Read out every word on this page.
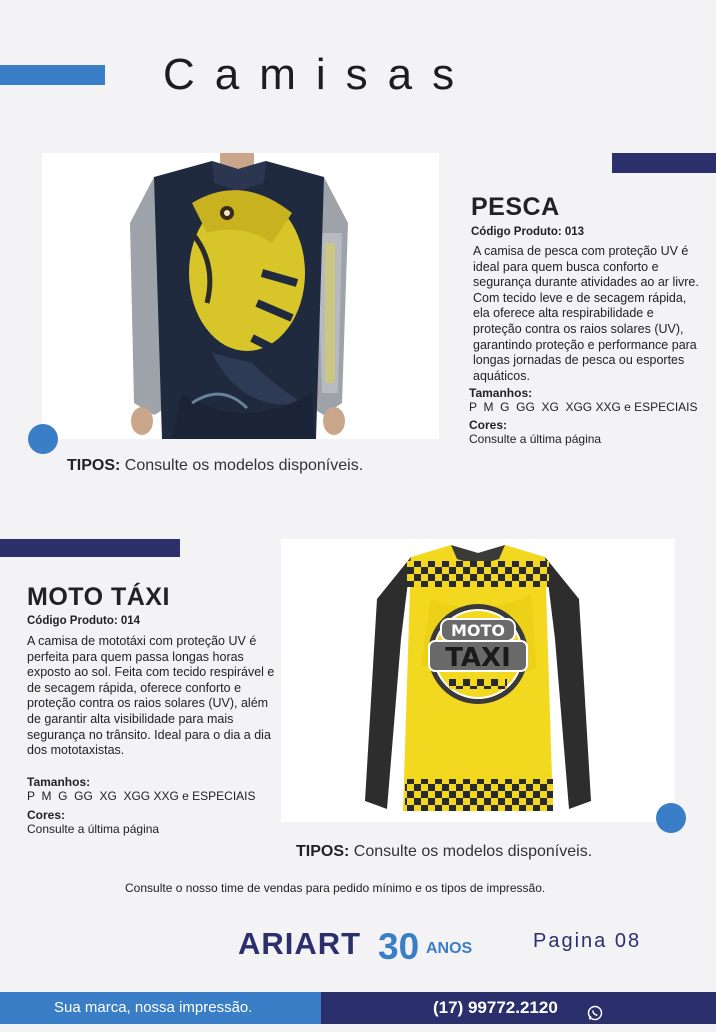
Camisas
PESCA
Código Produto: 013
A camisa de pesca com proteção UV é ideal para quem busca conforto e segurança durante atividades ao ar livre. Com tecido leve e de secagem rápida, ela oferece alta respirabilidade e proteção contra os raios solares (UV), garantindo proteção e performance para longas jornadas de pesca ou esportes aquáticos.
Tamanhos:
P  M  G  GG  XG  XGG XXG e ESPECIAIS
Cores:
Consulte a última página
TIPOS: Consulte os modelos disponíveis.
MOTO
TAXI
MOTO TÁXI
Código Produto: 014
A camisa de mototáxi com proteção UV é perfeita para quem passa longas horas exposto ao sol. Feita com tecido respirável e de secagem rápida, oferece conforto e proteção contra os raios solares (UV), além de garantir alta visibilidade para mais segurança no trânsito. Ideal para o dia a dia dos mototaxistas.
Tamanhos:
P  M  G  GG  XG  XGG XXG e ESPECIAIS
Cores:
Consulte a última página
TIPOS: Consulte os modelos disponíveis.
Consulte o nosso time de vendas para pedido mínimo e os tipos de impressão.
ARIART 30 ANOS	Pagina 08
Sua marca, nossa impressão.	(17) 99772.2120
